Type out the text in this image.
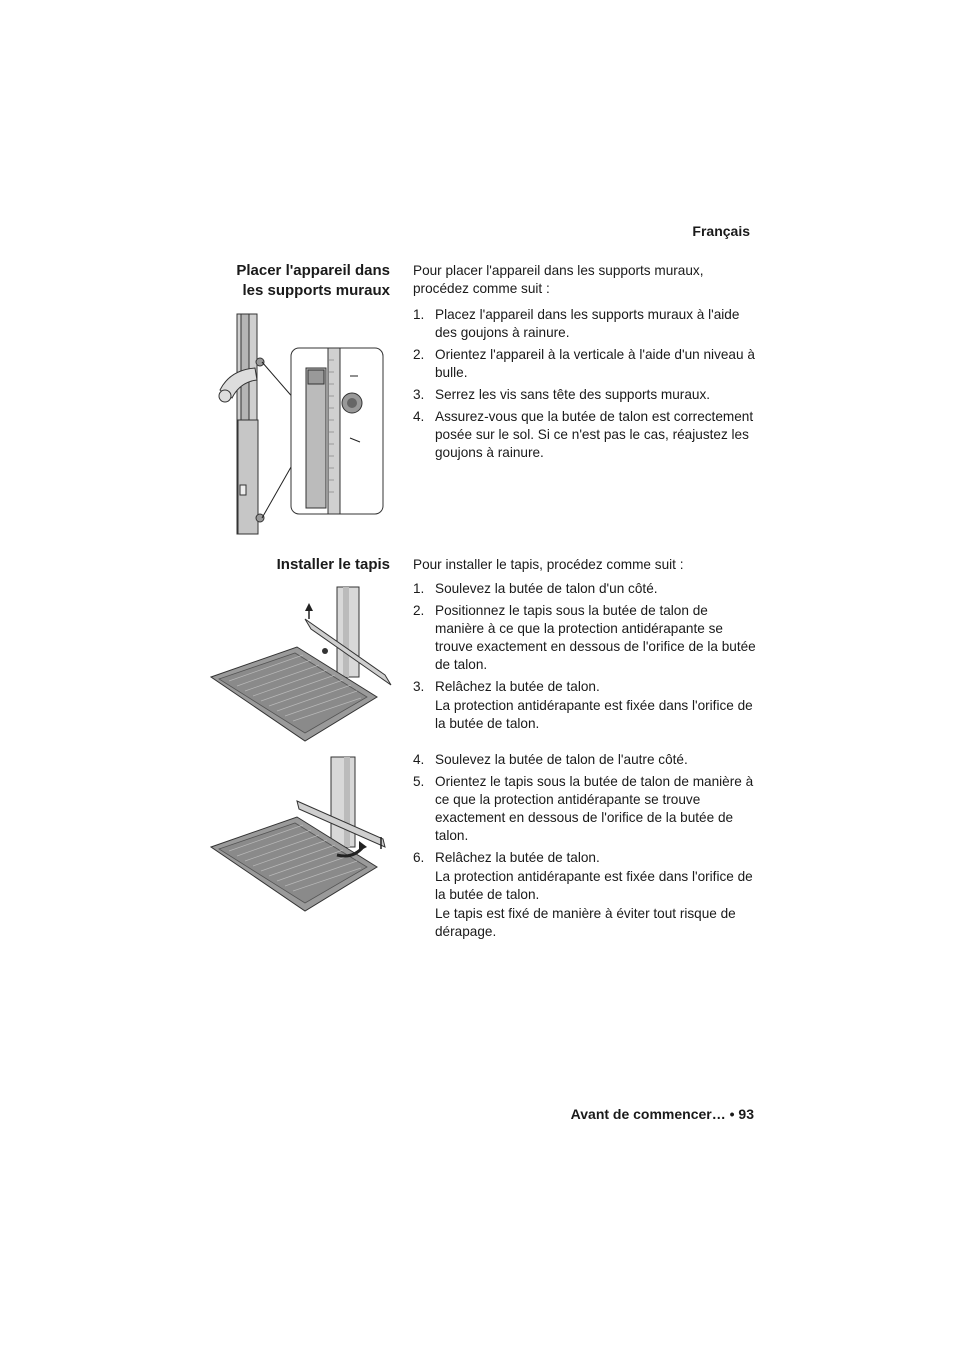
Français
Placer l'appareil dans
les supports muraux
Pour placer l'appareil dans les supports muraux, procédez comme suit :
1. Placez l'appareil dans les supports muraux à l'aide des goujons à rainure.
2. Orientez l'appareil à la verticale à l'aide d'un niveau à bulle.
3. Serrez les vis sans tête des supports muraux.
4. Assurez-vous que la butée de talon est correctement posée sur le sol. Si ce n'est pas le cas, réajustez les goujons à rainure.
Installer le tapis Pour installer le tapis, procédez comme suit :
1. Soulevez la butée de talon d'un côté.
2. Positionnez le tapis sous la butée de talon de manière à ce que la protection antidérapante se trouve exactement en dessous de l'orifice de la butée de talon.
3. Relâchez la butée de talon.
La protection antidérapante est fixée dans l'orifice de la butée de talon.
4. Soulevez la butée de talon de l'autre côté.
5. Orientez le tapis sous la butée de talon de manière à ce que la protection antidérapante se trouve exactement en dessous de l'orifice de la butée de talon.
6. Relâchez la butée de talon.
La protection antidérapante est fixée dans l'orifice de la butée de talon.
Le tapis est fixé de manière à éviter tout risque de dérapage.
Avant de commencer… • 93
